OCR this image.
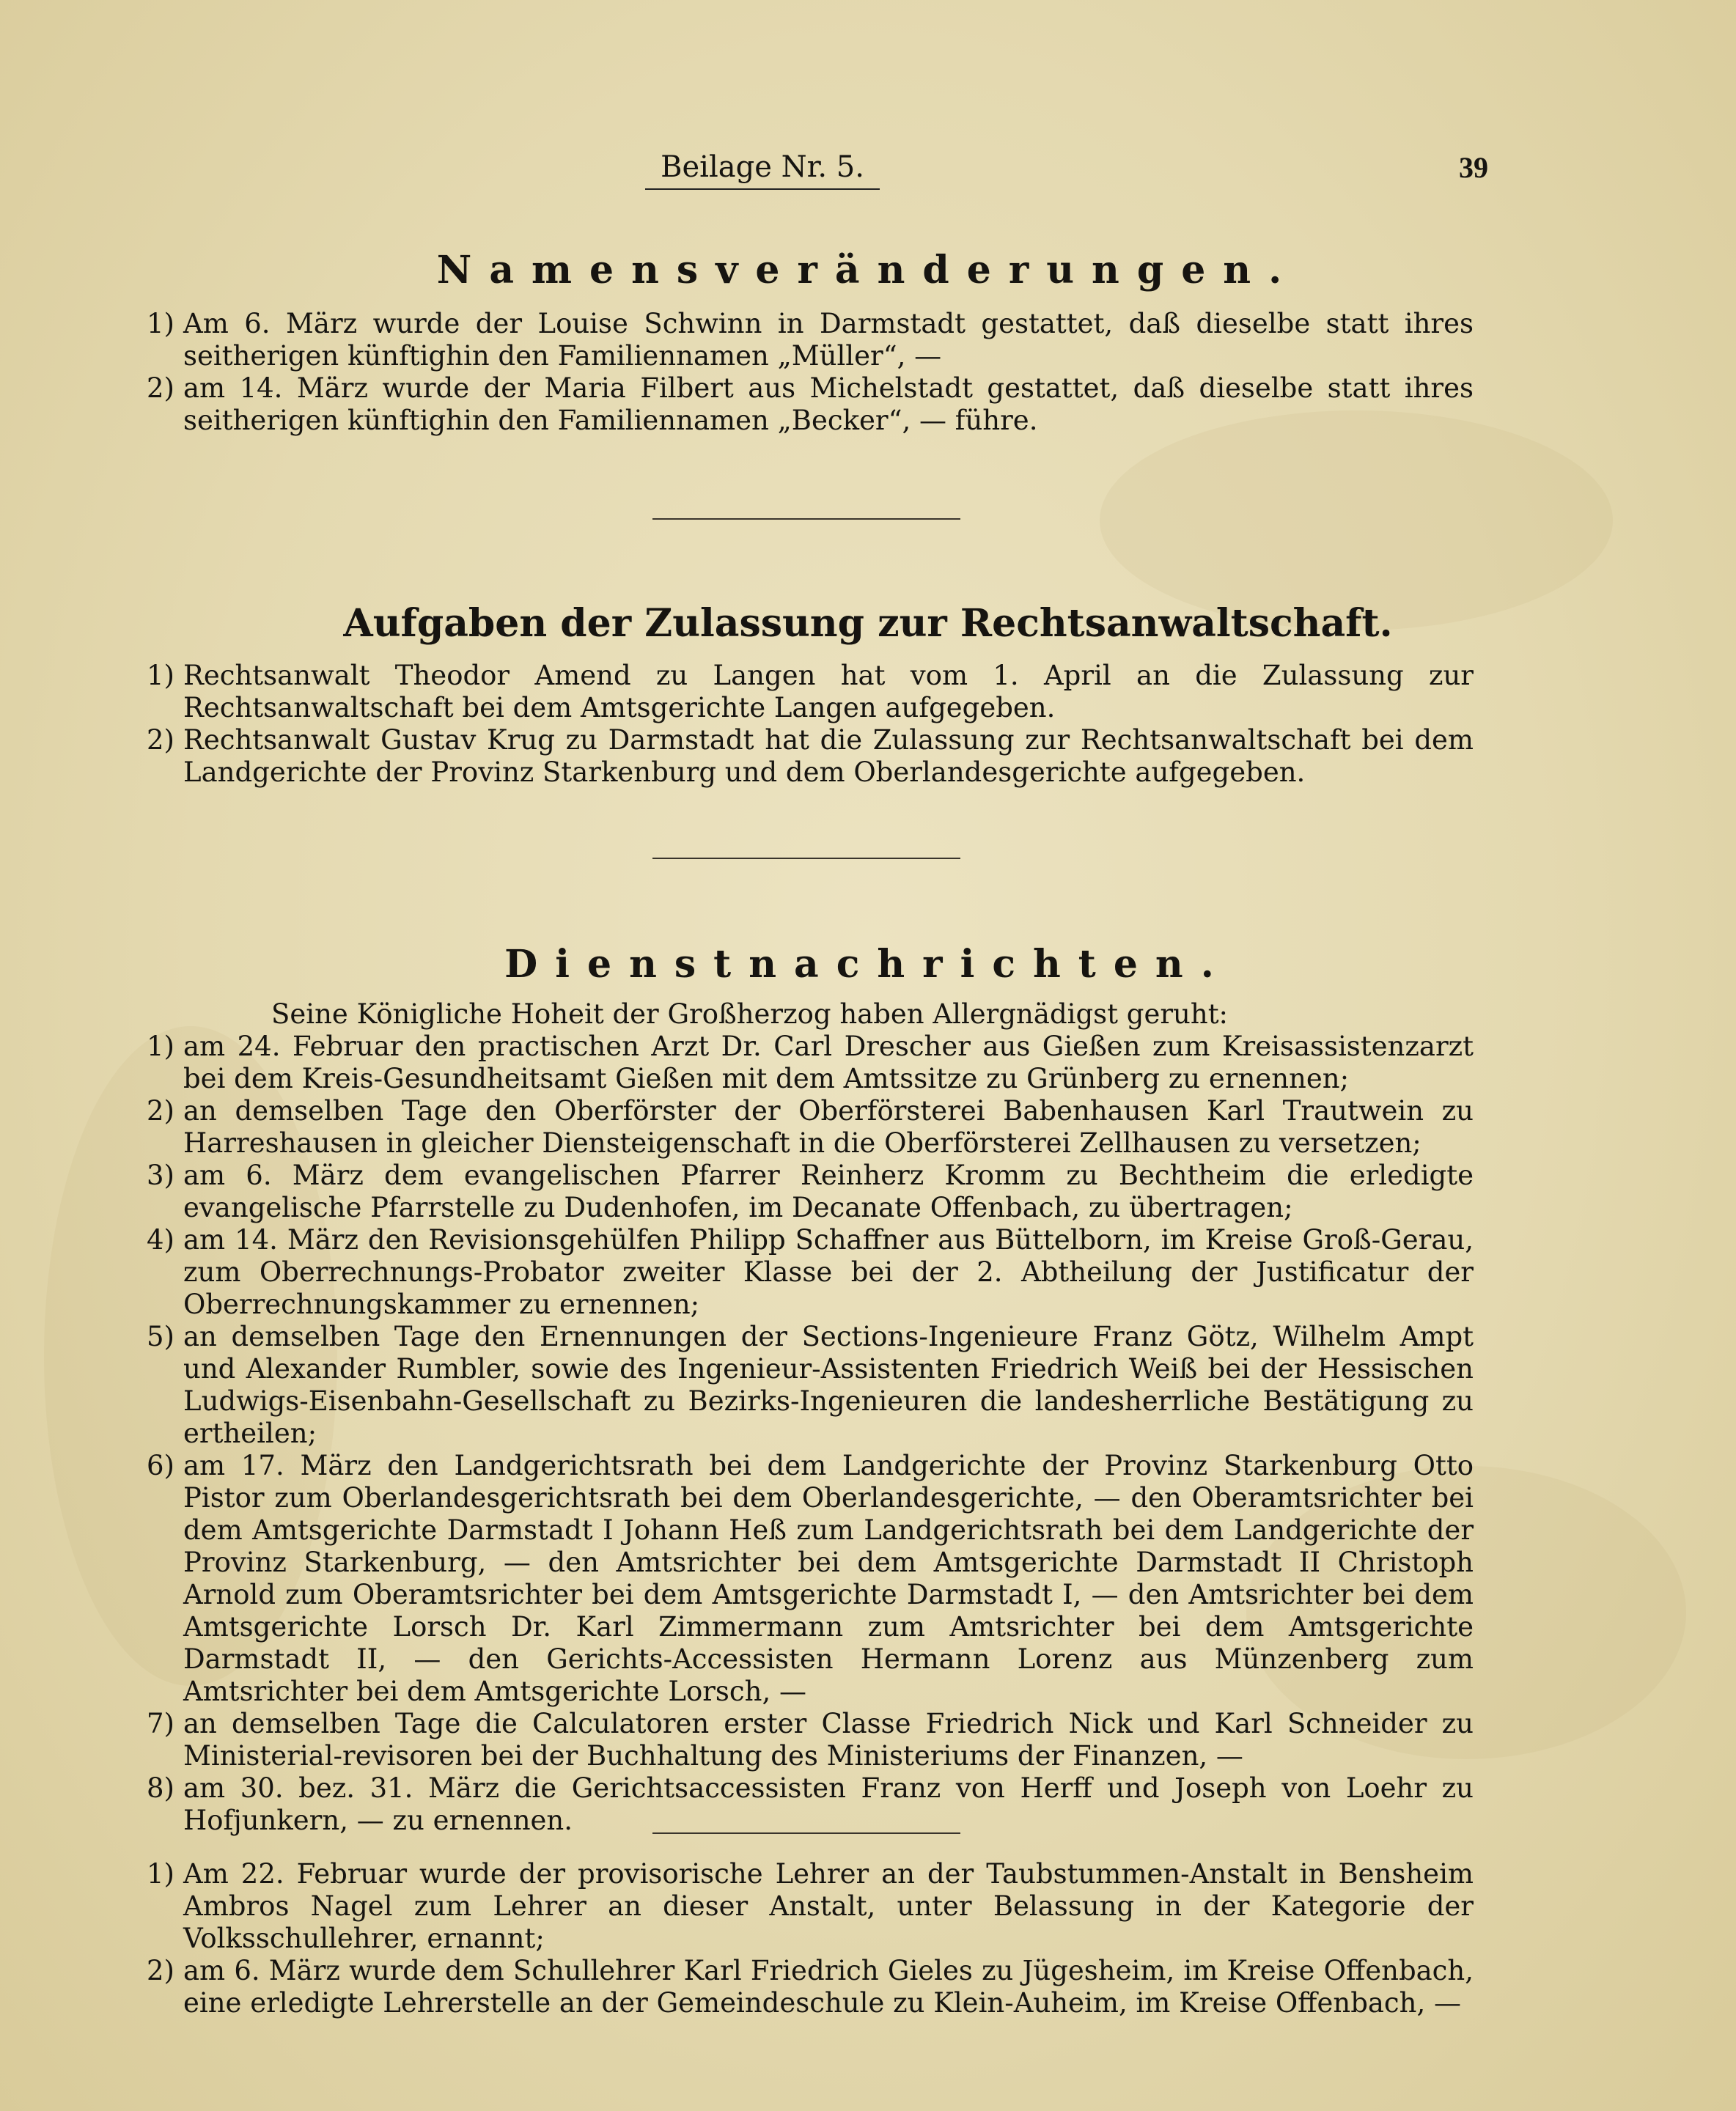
Beilage Nr. 5.	39
Namensveränderungen.
1) Am 6. März wurde der Louise Schwinn in Darmstadt gestattet, daß dieselbe statt ihres seitherigen künftighin den Familiennamen „Müller“, —
2) am 14. März wurde der Maria Filbert aus Michelstadt gestattet, daß dieselbe statt ihres seitherigen künftighin den Familiennamen „Becker“, — führe.
Aufgaben der Zulassung zur Rechtsanwaltschaft.
1) Rechtsanwalt Theodor Amend zu Langen hat vom 1. April an die Zulassung zur Rechtsanwaltschaft bei dem Amtsgerichte Langen aufgegeben.
2) Rechtsanwalt Gustav Krug zu Darmstadt hat die Zulassung zur Rechtsanwaltschaft bei dem Landgerichte der Provinz Starkenburg und dem Oberlandesgerichte aufgegeben.
Dienstnachrichten.
Seine Königliche Hoheit der Großherzog haben Allergnädigst geruht:
1) am 24. Februar den practischen Arzt Dr. Carl Drescher aus Gießen zum Kreisassistenzarzt bei dem Kreis-Gesundheitsamt Gießen mit dem Amtssitze zu Grünberg zu ernennen;
2) an demselben Tage den Oberförster der Oberförsterei Babenhausen Karl Trautwein zu Harreshausen in gleicher Diensteigenschaft in die Oberförsterei Zellhausen zu versetzen;
3) am 6. März dem evangelischen Pfarrer Reinherz Kromm zu Bechtheim die erledigte evangelische Pfarrstelle zu Dudenhofen, im Decanate Offenbach, zu übertragen;
4) am 14. März den Revisionsgehülfen Philipp Schaffner aus Büttelborn, im Kreise Groß-Gerau, zum Oberrechnungs-Probator zweiter Klasse bei der 2. Abtheilung der Justificatur der Oberrechnungskammer zu ernennen;
5) an demselben Tage den Ernennungen der Sections-Ingenieure Franz Götz, Wilhelm Ampt und Alexander Rumbler, sowie des Ingenieur-Assistenten Friedrich Weiß bei der Hessischen Ludwigs-Eisenbahn-Gesellschaft zu Bezirks-Ingenieuren die landesherrliche Bestätigung zu ertheilen;
6) am 17. März den Landgerichtsrath bei dem Landgerichte der Provinz Starkenburg Otto Pistor zum Oberlandesgerichtsrath bei dem Oberlandesgerichte, — den Oberamtsrichter bei dem Amtsgerichte Darmstadt I Johann Heß zum Landgerichtsrath bei dem Landgerichte der Provinz Starkenburg, — den Amtsrichter bei dem Amtsgerichte Darmstadt II Christoph Arnold zum Oberamtsrichter bei dem Amtsgerichte Darmstadt I, — den Amtsrichter bei dem Amtsgerichte Lorsch Dr. Karl Zimmermann zum Amtsrichter bei dem Amtsgerichte Darmstadt II, — den Gerichts-Accessisten Hermann Lorenz aus Münzenberg zum Amtsrichter bei dem Amtsgerichte Lorsch, —
7) an demselben Tage die Calculatoren erster Classe Friedrich Nick und Karl Schneider zu Ministerial-revisoren bei der Buchhaltung des Ministeriums der Finanzen, —
8) am 30. bez. 31. März die Gerichtsaccessisten Franz von Herff und Joseph von Loehr zu Hofjunkern, — zu ernennen.
1) Am 22. Februar wurde der provisorische Lehrer an der Taubstummen-Anstalt in Bensheim Ambros Nagel zum Lehrer an dieser Anstalt, unter Belassung in der Kategorie der Volksschullehrer, ernannt;
2) am 6. März wurde dem Schullehrer Karl Friedrich Gieles zu Jügesheim, im Kreise Offenbach, eine erledigte Lehrerstelle an der Gemeindeschule zu Klein-Auheim, im Kreise Offenbach, —
